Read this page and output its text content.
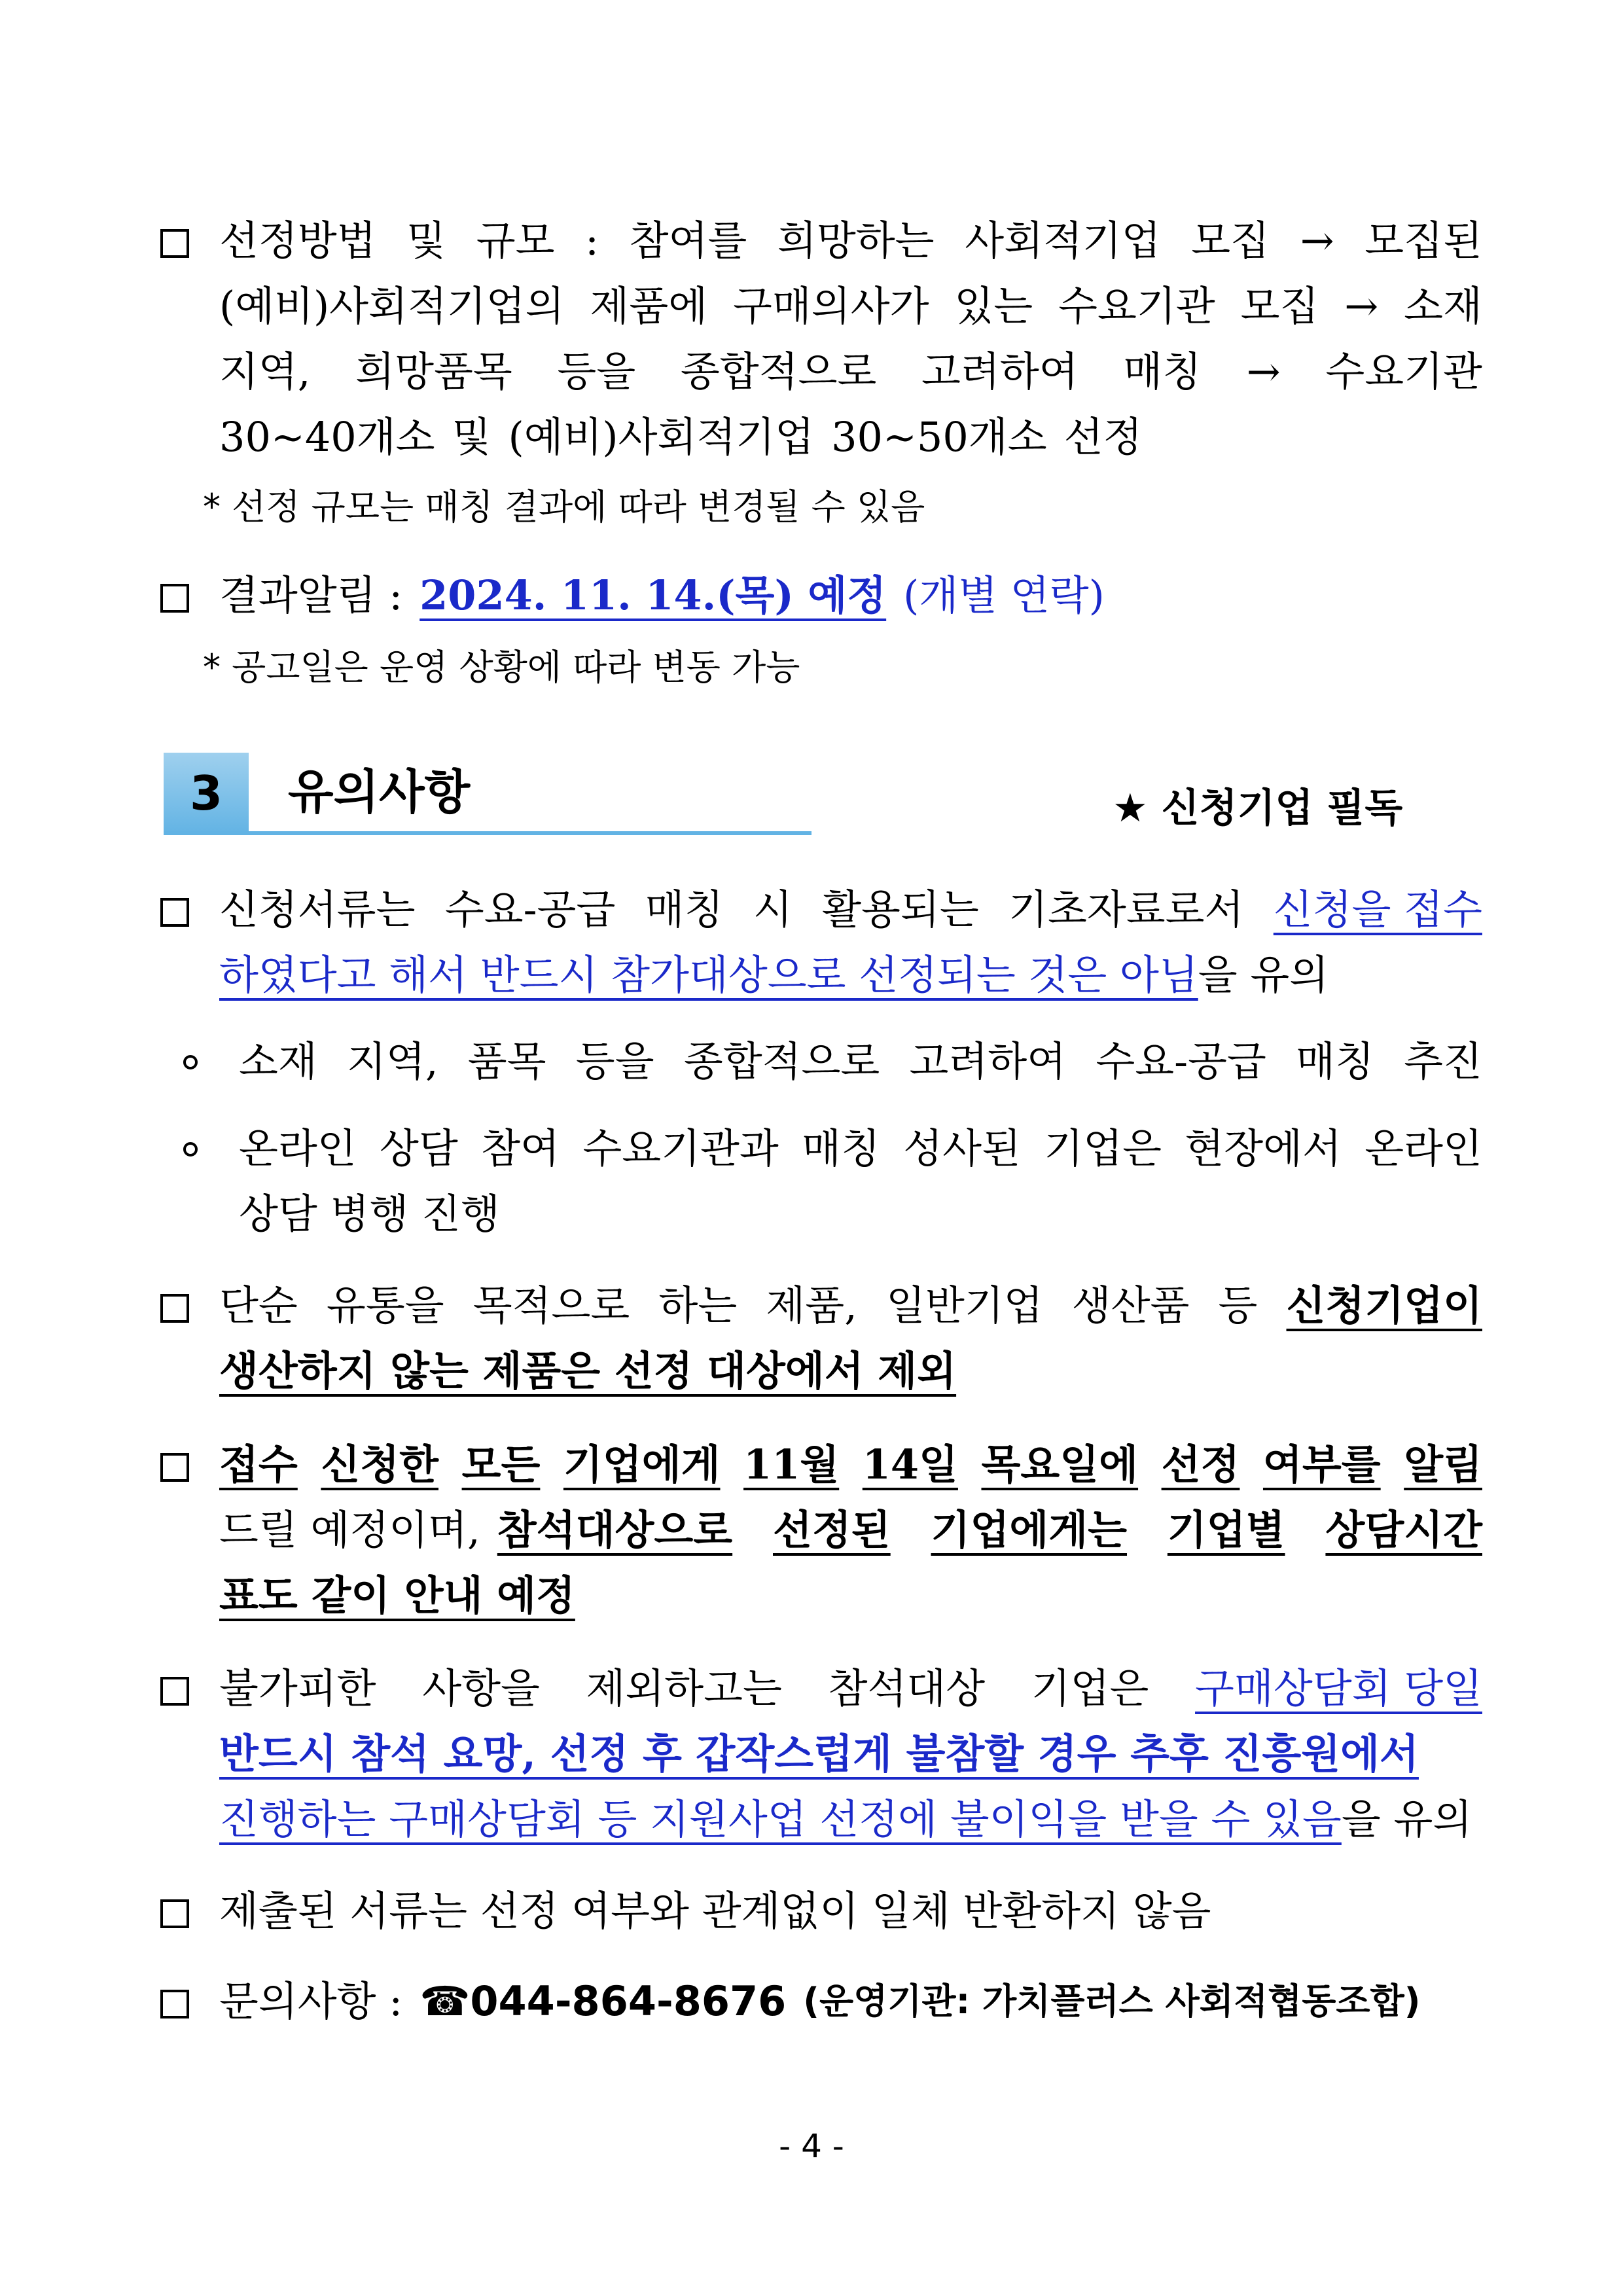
선정방법 및 규모 : 참여를 희망하는 사회적기업 모집 → 모집된
(예비)사회적기업의 제품에 구매의사가 있는 수요기관 모집 → 소재
지역, 희망품목 등을 종합적으로 고려하여 매칭 → 수요기관
30~40개소 및 (예비)사회적기업 30~50개소 선정
* 선정 규모는 매칭 결과에 따라 변경될 수 있음
결과알림 : 2024. 11. 14.(목) 예정 (개별 연락)
* 공고일은 운영 상황에 따라 변동 가능
3	유의사항	★ 신청기업 필독
신청서류는 수요-공급 매칭 시 활용되는 기초자료로서 신청을 접수
하였다고 해서 반드시 참가대상으로 선정되는 것은 아님 을 유의
소재 지역, 품목 등을 종합적으로 고려하여 수요-공급 매칭 추진
온라인 상담 참여 수요기관과 매칭 성사된 기업은 현장에서 온라인
상담 병행 진행
단순 유통을 목적으로 하는 제품, 일반기업 생산품 등 신청기업이
생산하지 않는 제품은 선정 대상에서 제외
접수 신청한 모든 기업에게 11월 14일 목요일에 선정 여부를 알림
드릴 예정이며, 참석대상으로 선정된 기업에게는 기업별 상담시간
표도 같이 안내 예정
불가피한 사항을 제외하고는 참석대상 기업은 구매상담회 당일
반드시 참석 요망, 선정 후 갑작스럽게 불참할 경우 추후 진흥원에서
진행하는 구매상담회 등 지원사업 선정에 불이익을 받을 수 있음 을 유의
제출된 서류는 선정 여부와 관계없이 일체 반환하지 않음
문의사항 : ☎044-864-8676 (운영기관: 가치플러스 사회적협동조합)
- 4 -
